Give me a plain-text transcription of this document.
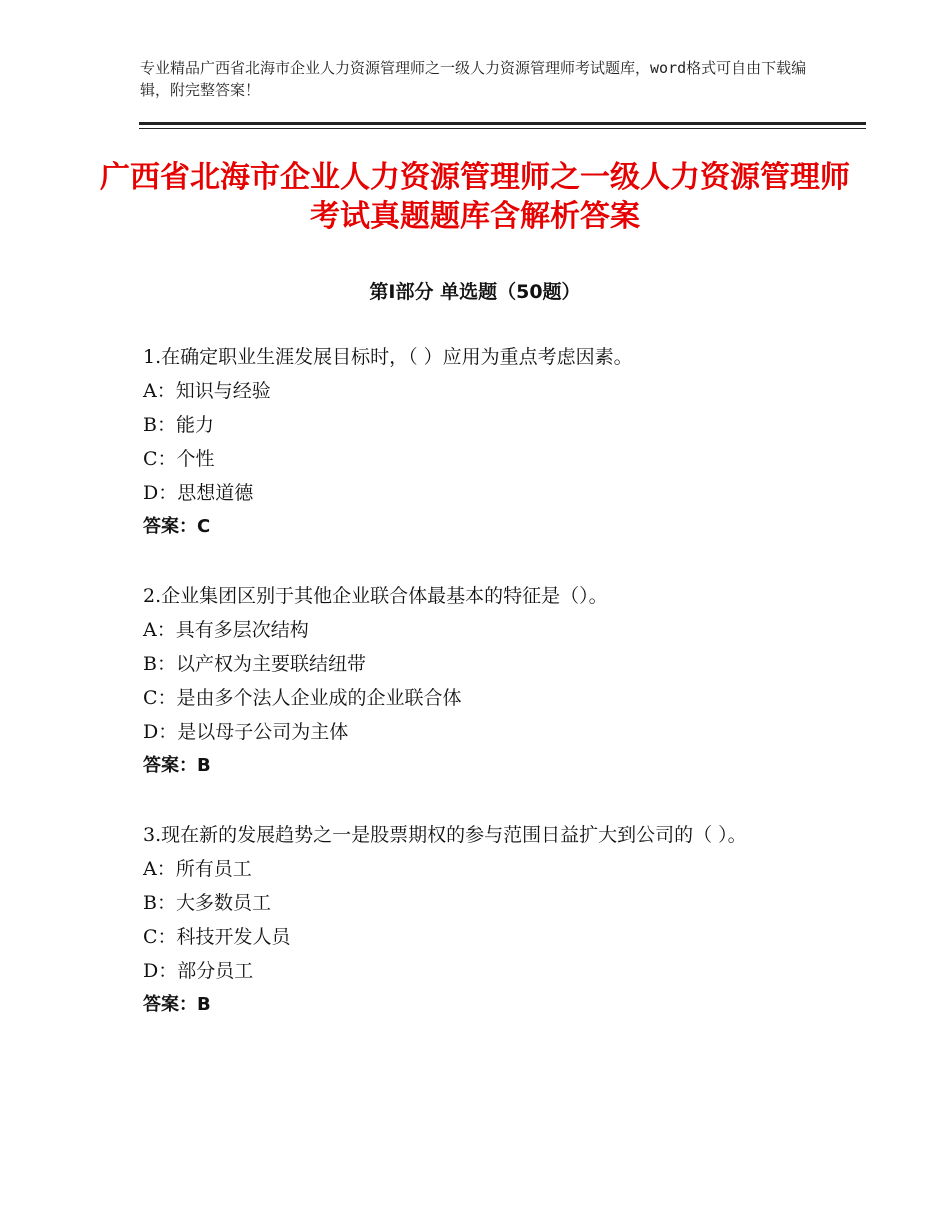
专业精品广西省北海市企业人力资源管理师之一级人力资源管理师考试题库，word格式可自由下载编辑，附完整答案！
广西省北海市企业人力资源管理师之一级人力资源管理师考试真题题库含解析答案
第Ⅰ部分 单选题（50题）

1.在确定职业生涯发展目标时，（ ）应用为重点考虑因素。

A：知识与经验

B：能力

C：个性

D：思想道德

答案：C

2.企业集团区别于其他企业联合体最基本的特征是（）。

A：具有多层次结构

B：以产权为主要联结纽带

C：是由多个法人企业成的企业联合体

D：是以母子公司为主体

答案：B

3.现在新的发展趋势之一是股票期权的参与范围日益扩大到公司的（ ）。

A：所有员工

B：大多数员工

C：科技开发人员

D：部分员工

答案：B
